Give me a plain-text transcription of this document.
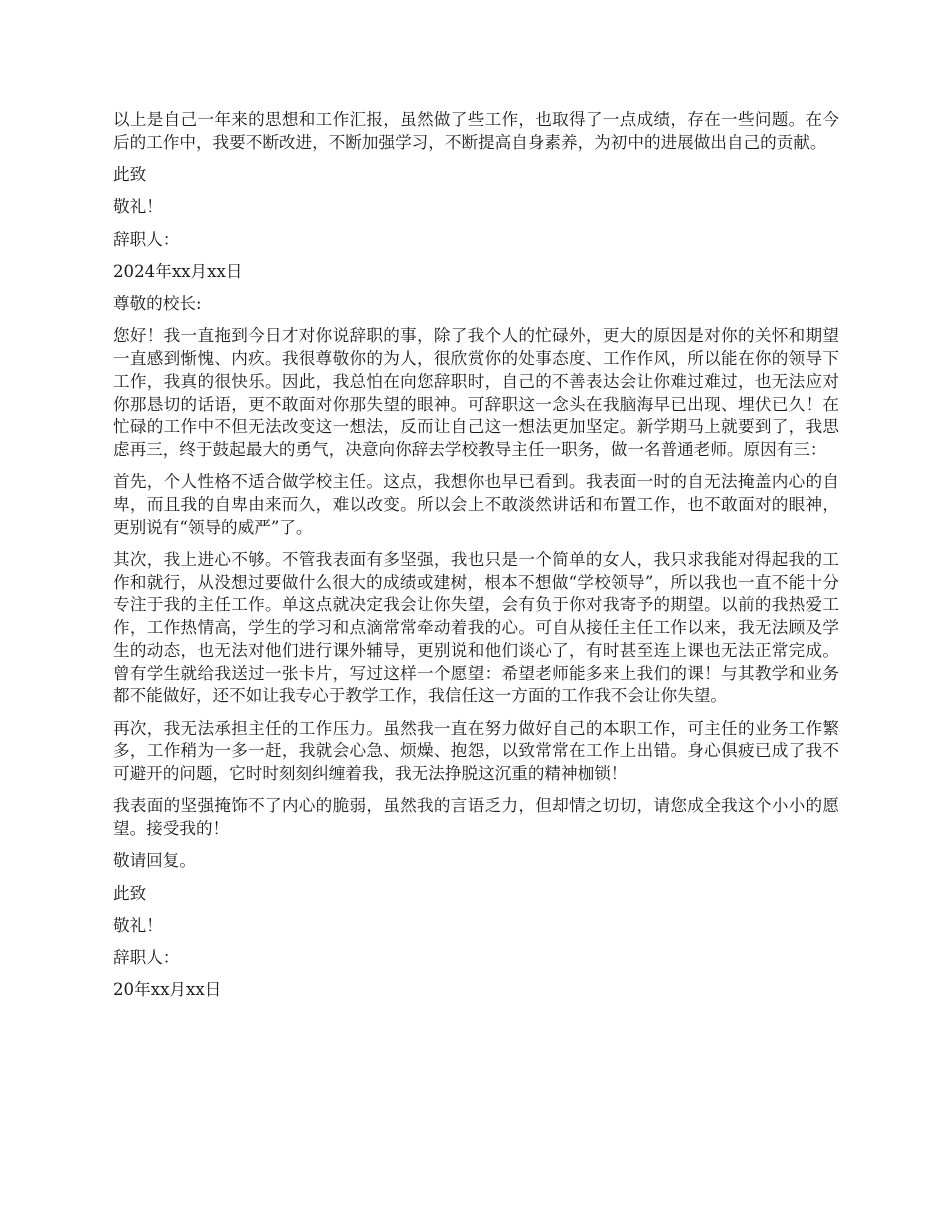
以上是自己一年来的思想和工作汇报，虽然做了些工作，也取得了一点成绩，存在一些问题。在今后的工作中，我要不断改进，不断加强学习，不断提高自身素养，为初中的进展做出自己的贡献。

此致

敬礼！

辞职人：

2024年xx月xx日

尊敬的校长:

您好！我一直拖到今日才对你说辞职的事，除了我个人的忙碌外，更大的原因是对你的关怀和期望一直感到惭愧、内疚。我很尊敬你的为人，很欣赏你的处事态度、工作作风，所以能在你的领导下工作，我真的很快乐。因此，我总怕在向您辞职时，自己的不善表达会让你难过难过，也无法应对你那恳切的话语，更不敢面对你那失望的眼神。可辞职这一念头在我脑海早已出现、埋伏已久！在忙碌的工作中不但无法改变这一想法，反而让自己这一想法更加坚定。新学期马上就要到了，我思虑再三，终于鼓起最大的勇气，决意向你辞去学校教导主任一职务，做一名普通老师。原因有三：

首先，个人性格不适合做学校主任。这点，我想你也早已看到。我表面一时的自无法掩盖内心的自卑，而且我的自卑由来而久，难以改变。所以会上不敢淡然讲话和布置工作，也不敢面对的眼神，更别说有“领导的威严”了。

其次，我上进心不够。不管我表面有多坚强，我也只是一个简单的女人，我只求我能对得起我的工作和就行，从没想过要做什么很大的成绩或建树，根本不想做“学校领导”，所以我也一直不能十分专注于我的主任工作。单这点就决定我会让你失望，会有负于你对我寄予的期望。以前的我热爱工作，工作热情高，学生的学习和点滴常常牵动着我的心。可自从接任主任工作以来，我无法顾及学生的动态，也无法对他们进行课外辅导，更别说和他们谈心了，有时甚至连上课也无法正常完成。曾有学生就给我送过一张卡片，写过这样一个愿望：希望老师能多来上我们的课！与其教学和业务都不能做好，还不如让我专心于教学工作，我信任这一方面的工作我不会让你失望。

再次，我无法承担主任的工作压力。虽然我一直在努力做好自己的本职工作，可主任的业务工作繁多，工作稍为一多一赶，我就会心急、烦燥、抱怨，以致常常在工作上出错。身心俱疲已成了我不可避开的问题，它时时刻刻纠缠着我，我无法挣脱这沉重的精神枷锁！

我表面的坚强掩饰不了内心的脆弱，虽然我的言语乏力，但却情之切切，请您成全我这个小小的愿望。接受我的！

敬请回复。

此致

敬礼！

辞职人：

20年xx月xx日
